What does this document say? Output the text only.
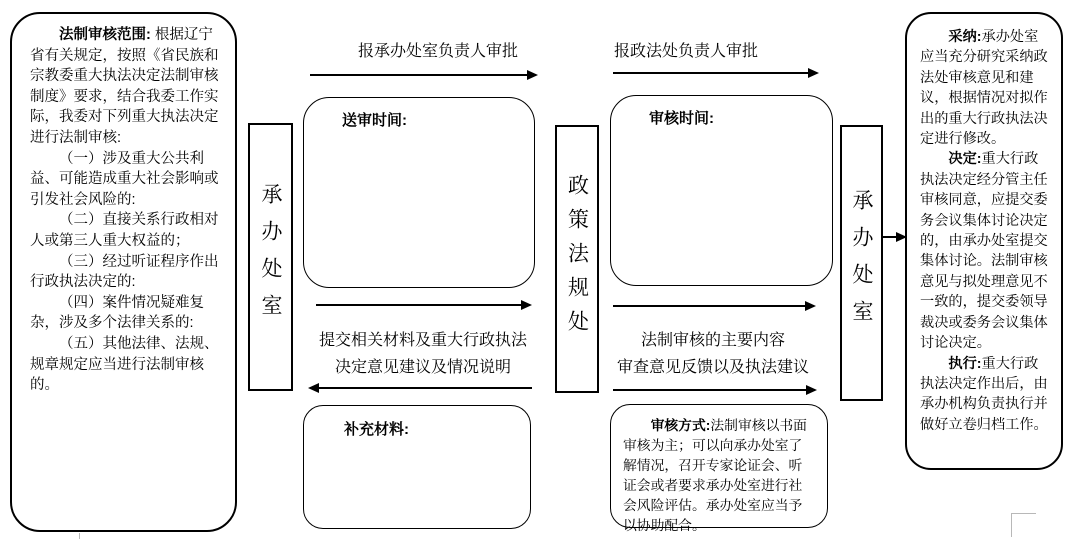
法制审核范围: 根据辽宁省有关规定，按照《省民族和宗教委重大执法决定法制审核制度》要求，结合我委工作实际，我委对下列重大执法决定进行法制审核:

（一）涉及重大公共利益、可能造成重大社会影响或引发社会风险的:

（二）直接关系行政相对人或第三人重大权益的；

（三）经过听证程序作出行政执法决定的:

（四）案件情况疑难复杂，涉及多个法律关系的:

（五）其他法律、法规、规章规定应当进行法制审核的。

承办处室
报承办处室负责人审批
送审时间:
提交相关材料及重大行政执法
决定意见建议及情况说明
补充材料:
政策法规处
报政法处负责人审批
审核时间:
法制审核的主要内容
审查意见反馈以及执法建议

审核方式:法制审核以书面审核为主；可以向承办处室了解情况，召开专家论证会、听证会或者要求承办处室进行社会风险评估。承办处室应当予以协助配合。

承办处室

采纳:承办处室应当充分研究采纳政法处审核意见和建议，根据情况对拟作出的重大行政执法决定进行修改。

决定:重大行政执法决定经分管主任审核同意，应提交委务会议集体讨论决定的，由承办处室提交集体讨论。法制审核意见与拟处理意见不一致的，提交委领导裁决或委务会议集体讨论决定。

执行:重大行政执法决定作出后，由承办机构负责执行并做好立卷归档工作。
